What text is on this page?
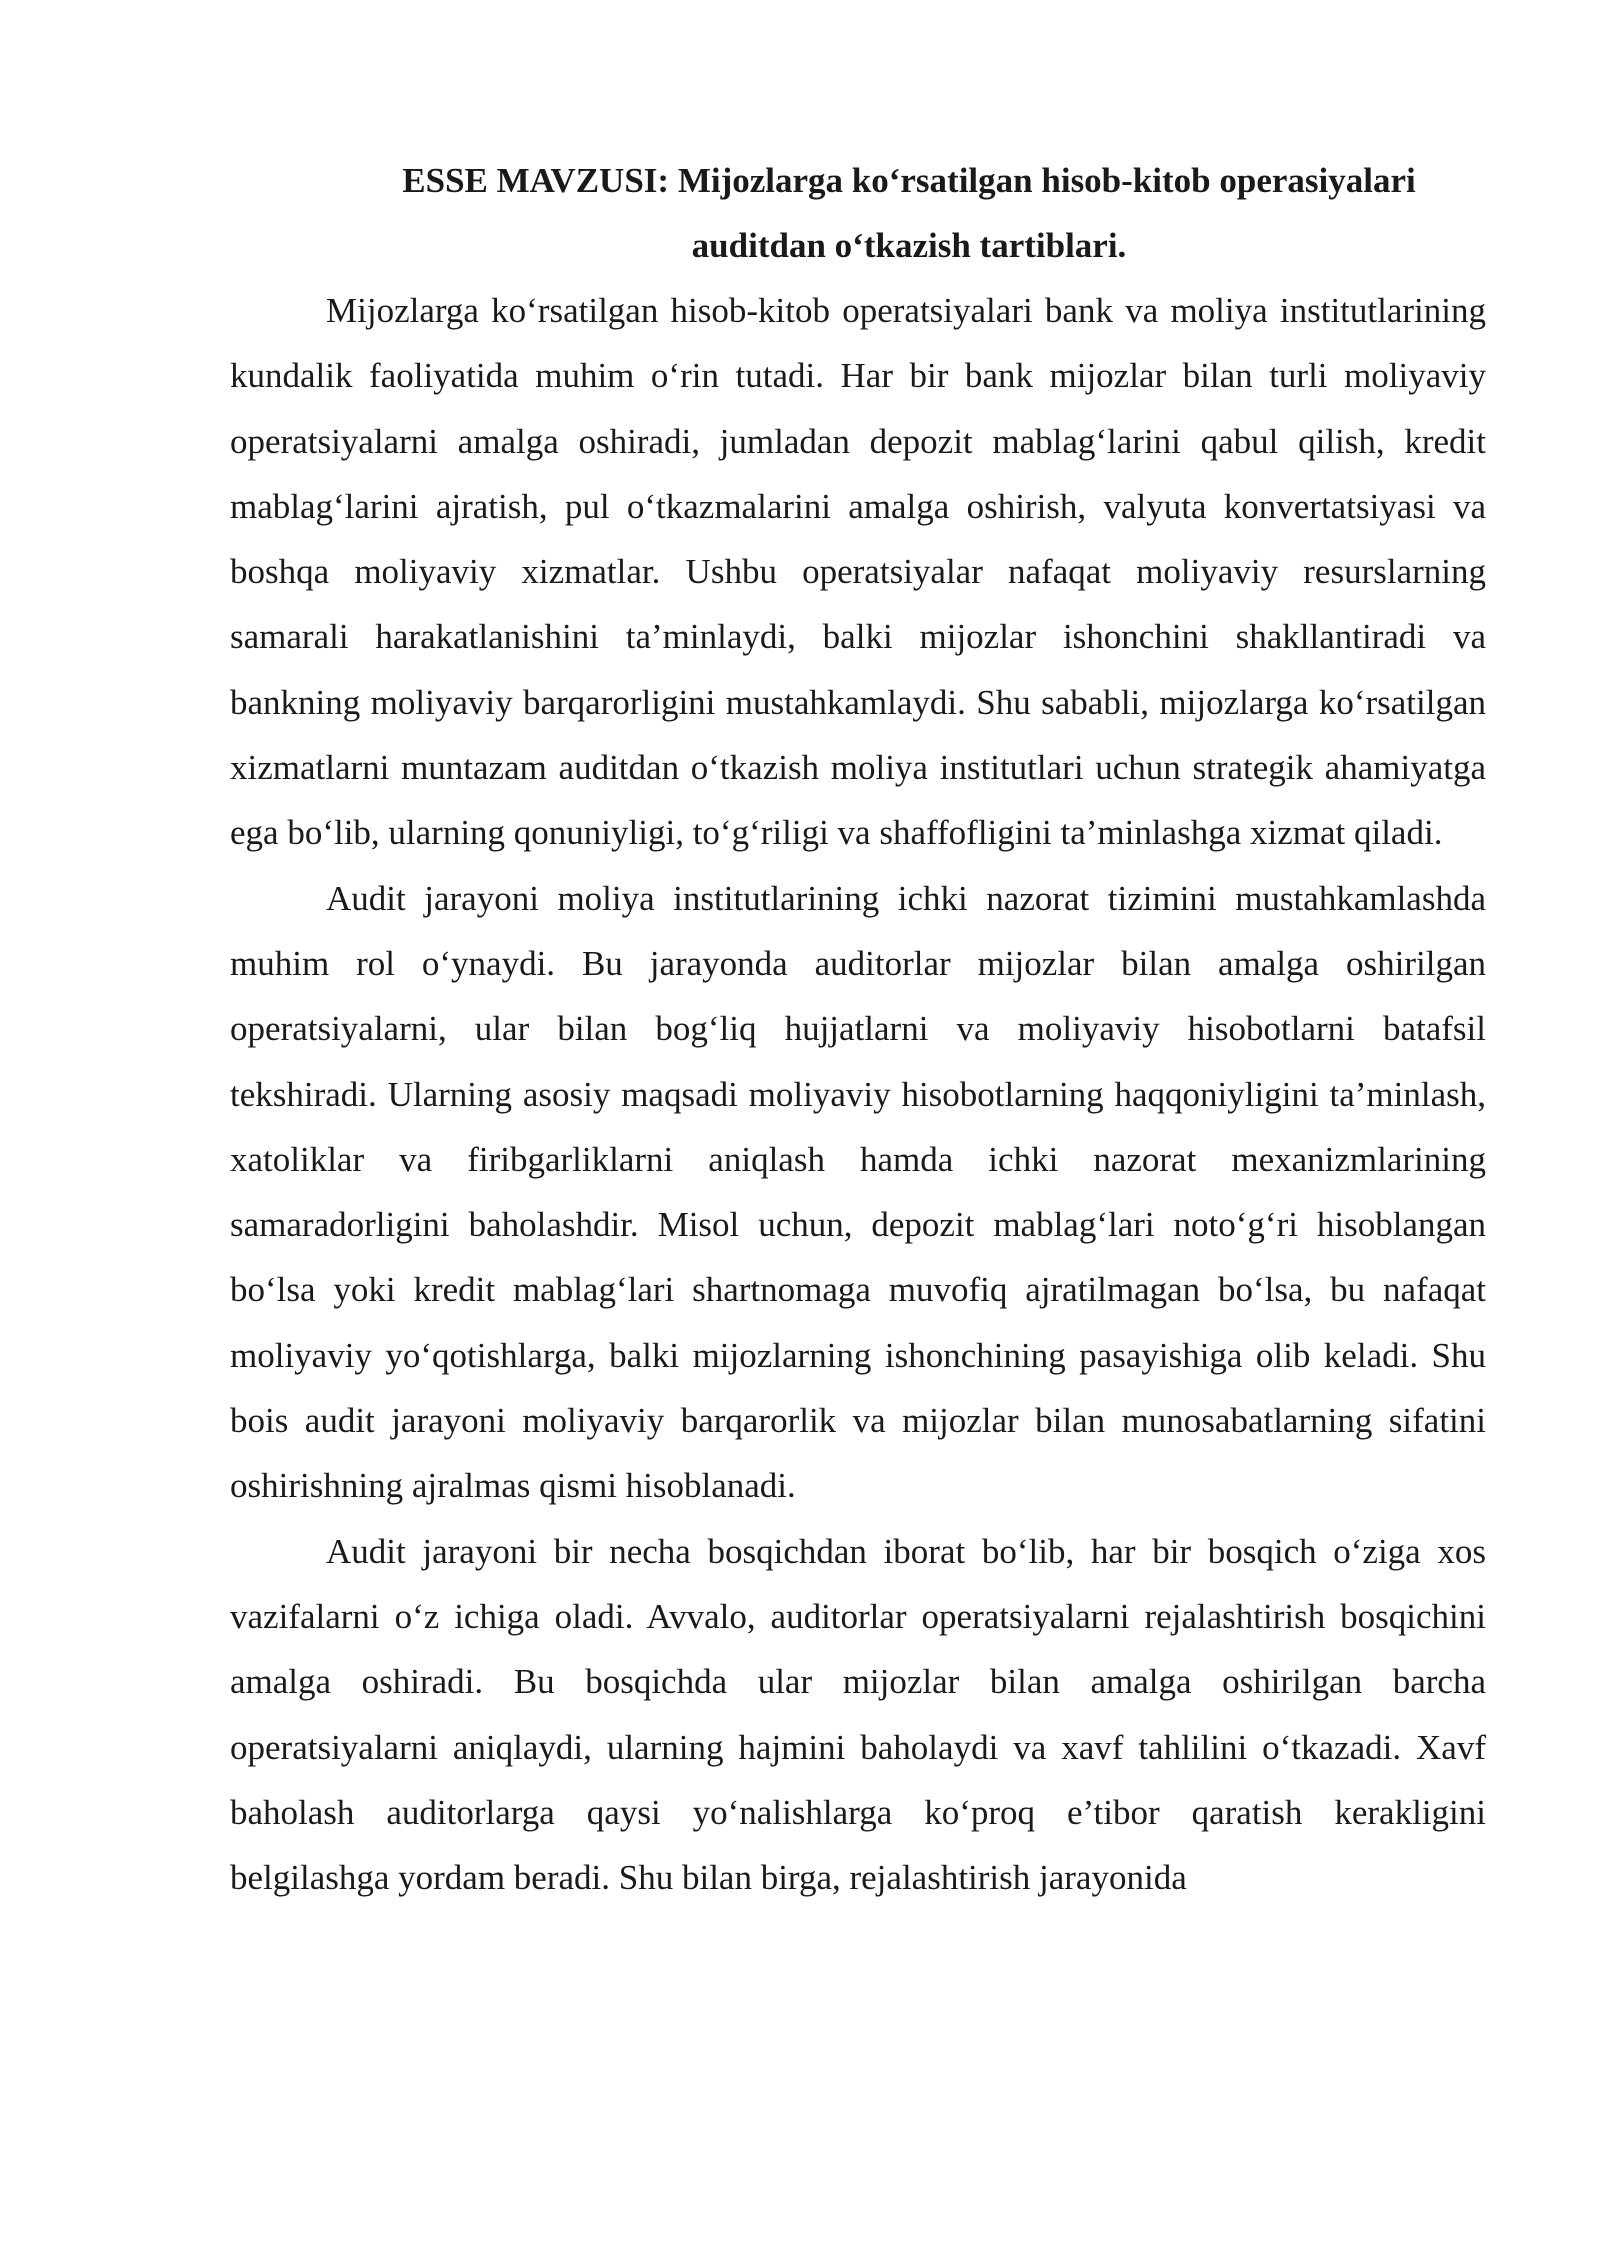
ESSE MAVZUSI: Mijozlarga ko‘rsatilgan hisob-kitob operasiyalari
auditdan o‘tkazish tartiblari.

Mijozlarga ko‘rsatilgan hisob-kitob operatsiyalari bank va moliya institutlarining kundalik faoliyatida muhim o‘rin tutadi. Har bir bank mijozlar bilan turli moliyaviy operatsiyalarni amalga oshiradi, jumladan depozit mablag‘larini qabul qilish, kredit mablag‘larini ajratish, pul o‘tkazmalarini amalga oshirish, valyuta konvertatsiyasi va boshqa moliyaviy xizmatlar. Ushbu operatsiyalar nafaqat moliyaviy resurslarning samarali harakatlanishini ta’minlaydi, balki mijozlar ishonchini shakllantiradi va bankning moliyaviy barqarorligini mustahkamlaydi. Shu sababli, mijozlarga ko‘rsatilgan xizmatlarni muntazam auditdan o‘tkazish moliya institutlari uchun strategik ahamiyatga ega bo‘lib, ularning qonuniyligi, to‘g‘riligi va shaffofligini ta’minlashga xizmat qiladi.

Audit jarayoni moliya institutlarining ichki nazorat tizimini mustahkamlashda muhim rol o‘ynaydi. Bu jarayonda auditorlar mijozlar bilan amalga oshirilgan operatsiyalarni, ular bilan bog‘liq hujjatlarni va moliyaviy hisobotlarni batafsil tekshiradi. Ularning asosiy maqsadi moliyaviy hisobotlarning haqqoniyligini ta’minlash, xatoliklar va firibgarliklarni aniqlash hamda ichki nazorat mexanizmlarining samaradorligini baholashdir. Misol uchun, depozit mablag‘lari noto‘g‘ri hisoblangan bo‘lsa yoki kredit mablag‘lari shartnomaga muvofiq ajratilmagan bo‘lsa, bu nafaqat moliyaviy yo‘qotishlarga, balki mijozlarning ishonchining pasayishiga olib keladi. Shu bois audit jarayoni moliyaviy barqarorlik va mijozlar bilan munosabatlarning sifatini oshirishning ajralmas qismi hisoblanadi.

Audit jarayoni bir necha bosqichdan iborat bo‘lib, har bir bosqich o‘ziga xos vazifalarni o‘z ichiga oladi. Avvalo, auditorlar operatsiyalarni rejalashtirish bosqichini amalga oshiradi. Bu bosqichda ular mijozlar bilan amalga oshirilgan barcha operatsiyalarni aniqlaydi, ularning hajmini baholaydi va xavf tahlilini o‘tkazadi. Xavf baholash auditorlarga qaysi yo‘nalishlarga ko‘proq e’tibor qaratish kerakligini belgilashga yordam beradi. Shu bilan birga, rejalashtirish jarayonida
